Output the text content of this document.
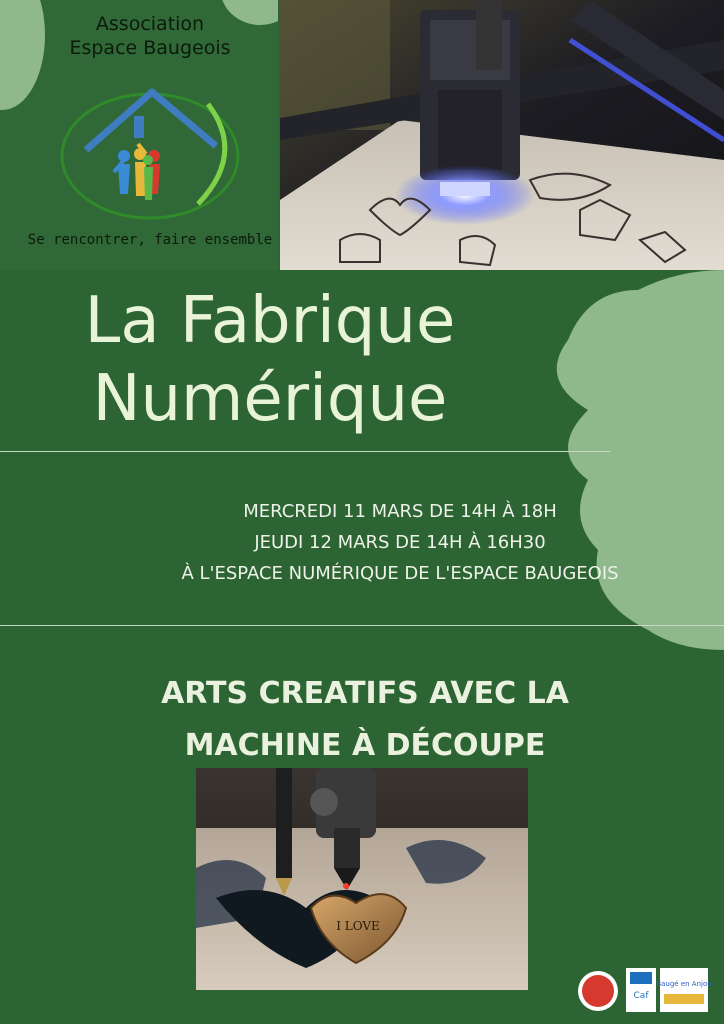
Association
Espace Baugeois
Se rencontrer, faire ensemble
La Fabrique
Numérique
MERCREDI 11 MARS DE 14H À 18H
JEUDI 12 MARS DE 14H À 16H30
À L'ESPACE NUMÉRIQUE DE L'ESPACE BAUGEOIS
ARTS CREATIFS AVEC LA
MACHINE À DÉCOUPE
I LOVE
Caf
Baugé en Anjou
